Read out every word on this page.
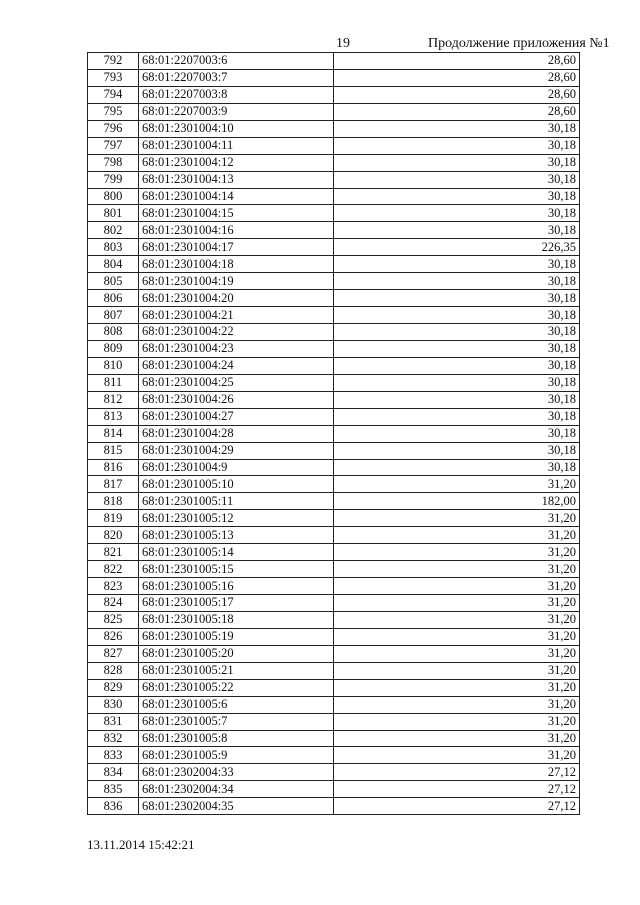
19	Продолжение приложения №1
792	68:01:2207003:6	28,60
793	68:01:2207003:7	28,60
794	68:01:2207003:8	28,60
795	68:01:2207003:9	28,60
796	68:01:2301004:10	30,18
797	68:01:2301004:11	30,18
798	68:01:2301004:12	30,18
799	68:01:2301004:13	30,18
800	68:01:2301004:14	30,18
801	68:01:2301004:15	30,18
802	68:01:2301004:16	30,18
803	68:01:2301004:17	226,35
804	68:01:2301004:18	30,18
805	68:01:2301004:19	30,18
806	68:01:2301004:20	30,18
807	68:01:2301004:21	30,18
808	68:01:2301004:22	30,18
809	68:01:2301004:23	30,18
810	68:01:2301004:24	30,18
811	68:01:2301004:25	30,18
812	68:01:2301004:26	30,18
813	68:01:2301004:27	30,18
814	68:01:2301004:28	30,18
815	68:01:2301004:29	30,18
816	68:01:2301004:9	30,18
817	68:01:2301005:10	31,20
818	68:01:2301005:11	182,00
819	68:01:2301005:12	31,20
820	68:01:2301005:13	31,20
821	68:01:2301005:14	31,20
822	68:01:2301005:15	31,20
823	68:01:2301005:16	31,20
824	68:01:2301005:17	31,20
825	68:01:2301005:18	31,20
826	68:01:2301005:19	31,20
827	68:01:2301005:20	31,20
828	68:01:2301005:21	31,20
829	68:01:2301005:22	31,20
830	68:01:2301005:6	31,20
831	68:01:2301005:7	31,20
832	68:01:2301005:8	31,20
833	68:01:2301005:9	31,20
834	68:01:2302004:33	27,12
835	68:01:2302004:34	27,12
836	68:01:2302004:35	27,12
13.11.2014 15:42:21
